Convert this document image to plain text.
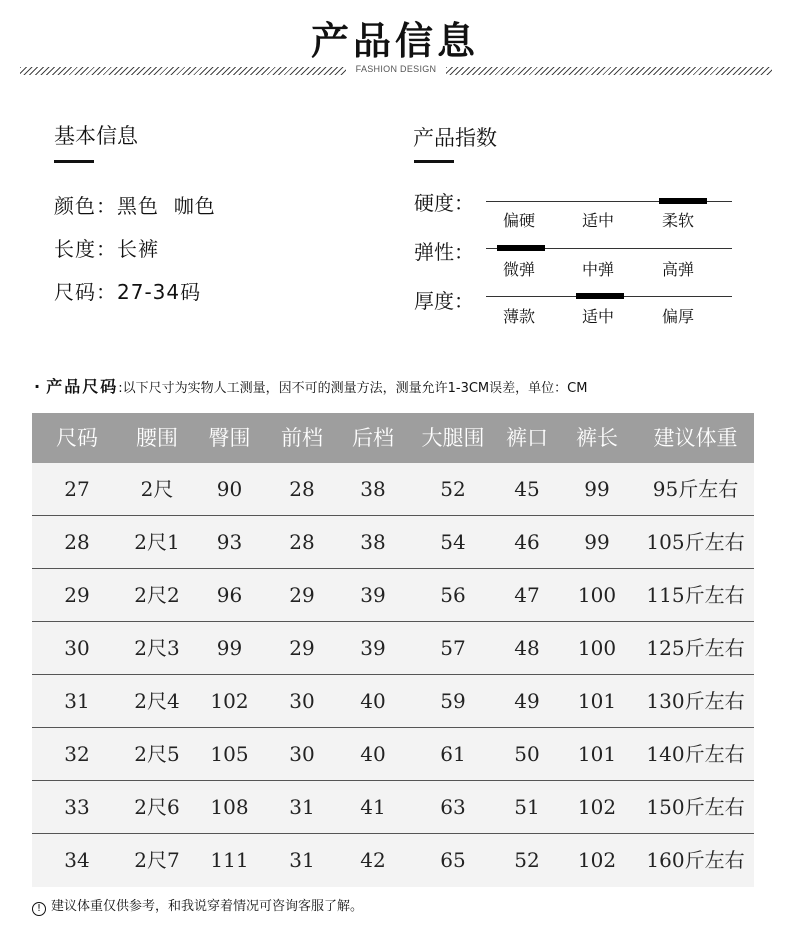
产品信息
FASHION DESIGN
基本信息
颜色：黑色  咖色
长度：长裤
尺码：27-34码
产品指数
硬度：
偏硬	适中	柔软
弹性：
微弹	中弹	高弹
厚度：
薄款	适中	偏厚
· 产品尺码:以下尺寸为实物人工测量，因不可的测量方法，测量允许1-3CM误差，单位：CM
尺码	腰围	臀围	前档	后档	大腿围	裤口	裤长	建议体重
27	2尺	90	28	38	52	45	99	95斤左右
28	2尺1	93	28	38	54	46	99	105斤左右
29	2尺2	96	29	39	56	47	100	115斤左右
30	2尺3	99	29	39	57	48	100	125斤左右
31	2尺4	102	30	40	59	49	101	130斤左右
32	2尺5	105	30	40	61	50	101	140斤左右
33	2尺6	108	31	41	63	51	102	150斤左右
34	2尺7	111	31	42	65	52	102	160斤左右
! 建议体重仅供参考，和我说穿着情况可咨询客服了解。
